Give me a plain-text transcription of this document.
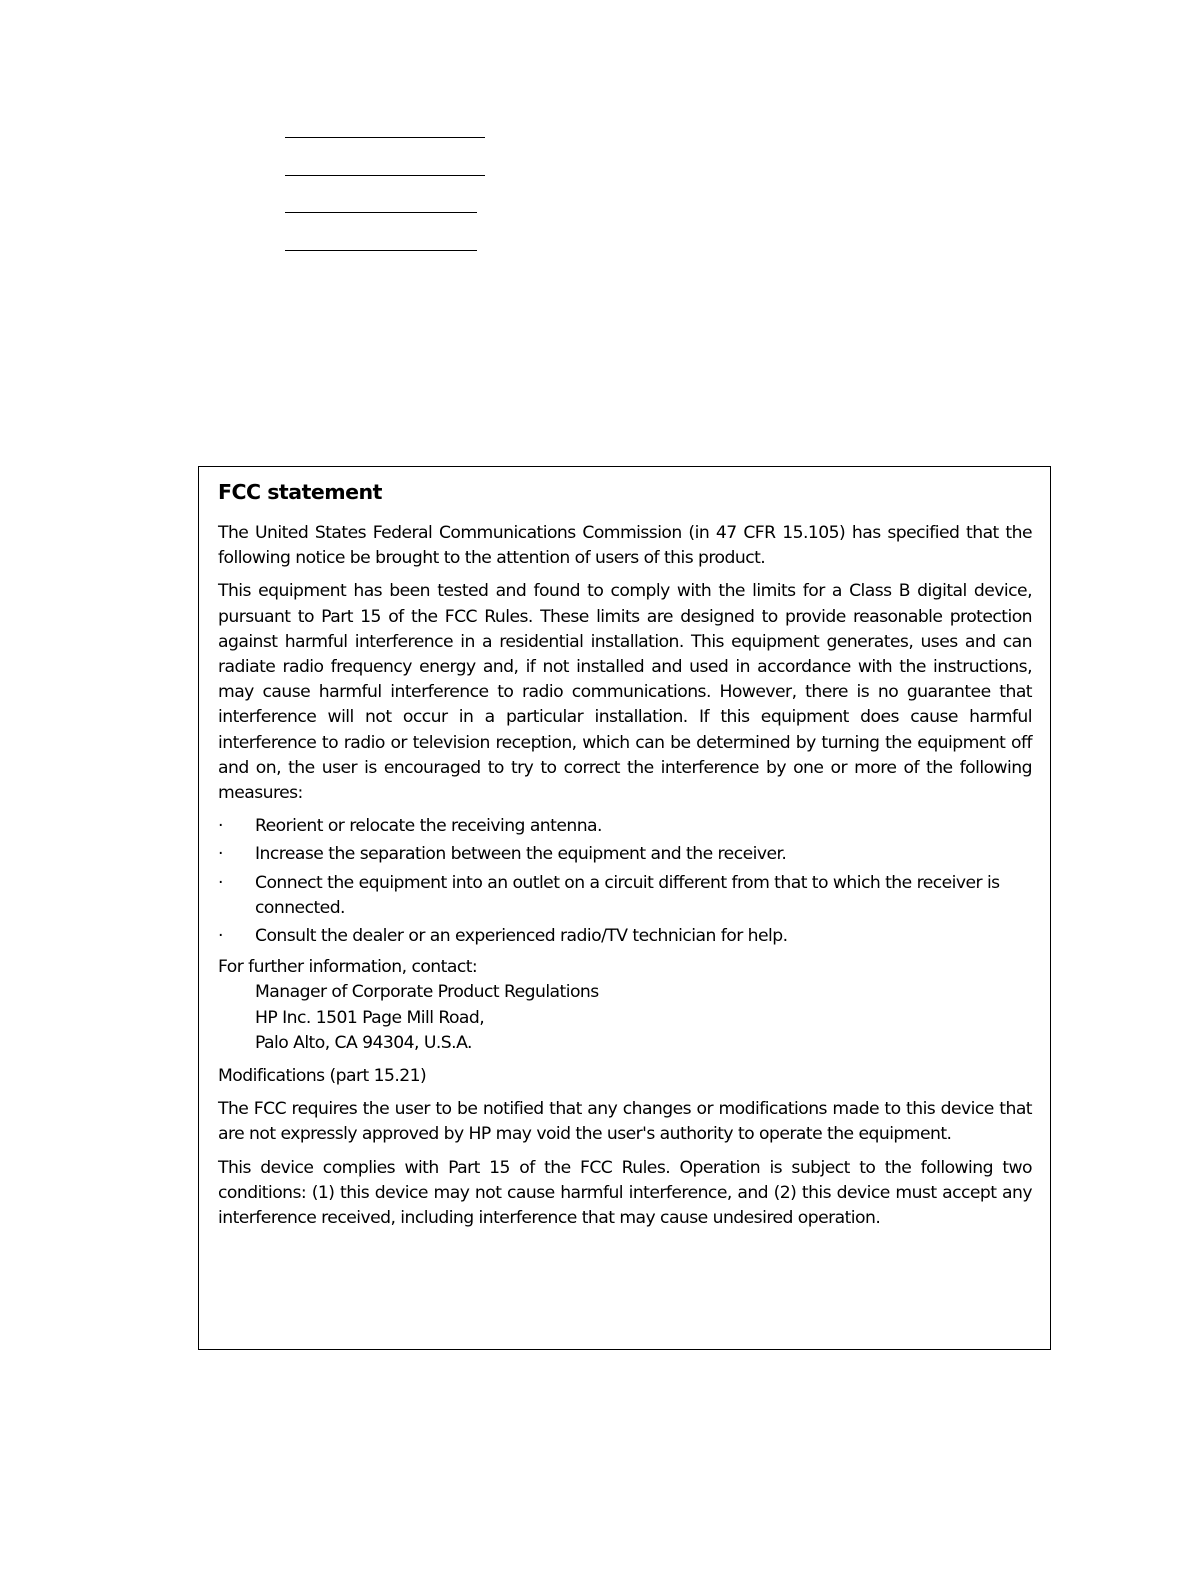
FCC statement

The United States Federal Communications Commission (in 47 CFR 15.105) has specified that the following notice be brought to the attention of users of this product.

This equipment has been tested and found to comply with the limits for a Class B digital device, pursuant to Part 15 of the FCC Rules. These limits are designed to provide reasonable protection against harmful interference in a residential installation. This equipment generates, uses and can radiate radio frequency energy and, if not installed and used in accordance with the instructions, may cause harmful interference to radio communications. However, there is no guarantee that interference will not occur in a particular installation. If this equipment does cause harmful interference to radio or television reception, which can be determined by turning the equipment off and on, the user is encouraged to try to correct the interference by one or more of the following measures:

·	Reorient or relocate the receiving antenna.
·	Increase the separation between the equipment and the receiver.
·	Connect the equipment into an outlet on a circuit different from that to which the receiver is connected.
·	Consult the dealer or an experienced radio/TV technician for help.
For further information, contact:
Manager of Corporate Product Regulations
HP Inc. 1501 Page Mill Road,
Palo Alto, CA 94304, U.S.A.

Modifications (part 15.21)

The FCC requires the user to be notified that any changes or modifications made to this device that are not expressly approved by HP may void the user's authority to operate the equipment.

This device complies with Part 15 of the FCC Rules. Operation is subject to the following two conditions: (1) this device may not cause harmful interference, and (2) this device must accept any interference received, including interference that may cause undesired operation.
